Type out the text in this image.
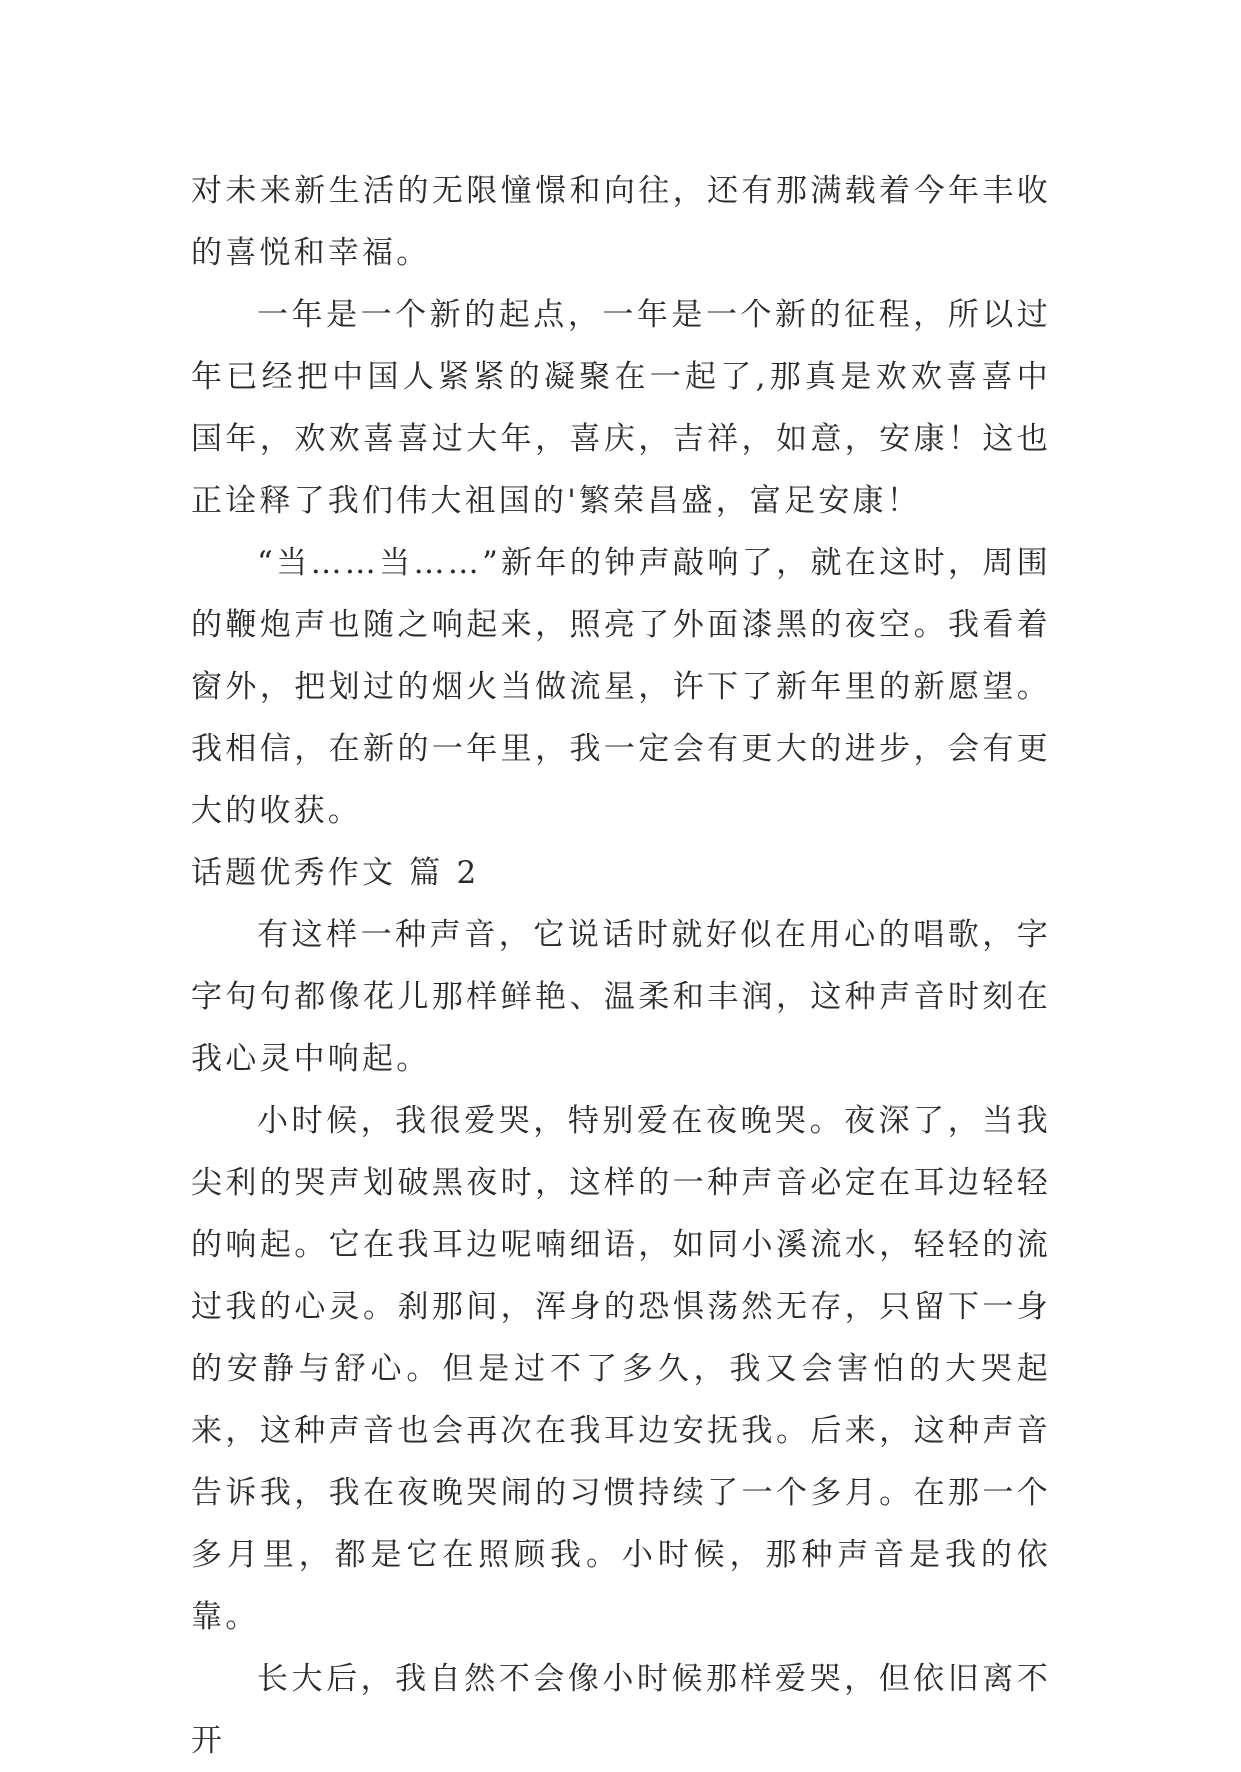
对未来新生活的无限憧憬和向往，还有那满载着今年丰收的喜悦和幸福。

一年是一个新的起点，一年是一个新的征程，所以过年已经把中国人紧紧的凝聚在一起了,那真是欢欢喜喜中国年，欢欢喜喜过大年，喜庆，吉祥，如意，安康！这也正诠释了我们伟大祖国的'繁荣昌盛，富足安康！

“当……当……”新年的钟声敲响了，就在这时，周围的鞭炮声也随之响起来，照亮了外面漆黑的夜空。我看着窗外，把划过的烟火当做流星，许下了新年里的新愿望。我相信，在新的一年里，我一定会有更大的进步，会有更大的收获。

话题优秀作文 篇 2

有这样一种声音，它说话时就好似在用心的唱歌，字字句句都像花儿那样鲜艳、温柔和丰润，这种声音时刻在我心灵中响起。

小时候，我很爱哭，特别爱在夜晚哭。夜深了，当我尖利的哭声划破黑夜时，这样的一种声音必定在耳边轻轻的响起。它在我耳边呢喃细语，如同小溪流水，轻轻的流过我的心灵。刹那间，浑身的恐惧荡然无存，只留下一身的安静与舒心。但是过不了多久，我又会害怕的大哭起来，这种声音也会再次在我耳边安抚我。后来，这种声音告诉我，我在夜晚哭闹的习惯持续了一个多月。在那一个多月里，都是它在照顾我。小时候，那种声音是我的依靠。

长大后，我自然不会像小时候那样爱哭，但依旧离不开
